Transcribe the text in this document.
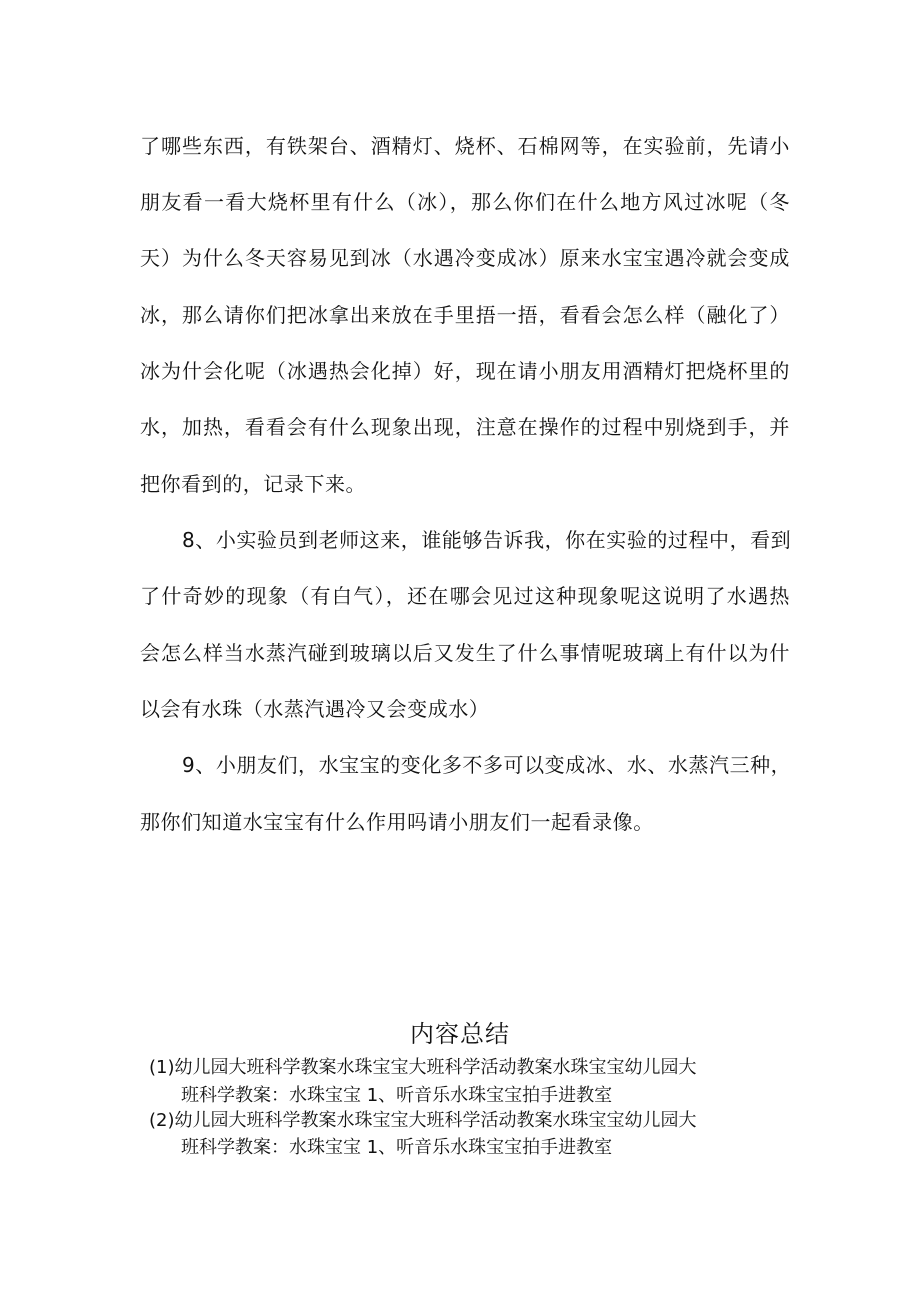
了哪些东西，有铁架台、酒精灯、烧杯、石棉网等，在实验前，先请小
朋友看一看大烧杯里有什么（冰），那么你们在什么地方风过冰呢（冬
天）为什么冬天容易见到冰（水遇冷变成冰）原来水宝宝遇冷就会变成
冰，那么请你们把冰拿出来放在手里捂一捂，看看会怎么样（融化了）
冰为什会化呢（冰遇热会化掉）好，现在请小朋友用酒精灯把烧杯里的
水，加热，看看会有什么现象出现，注意在操作的过程中别烧到手，并
把你看到的，记录下来。
8、小实验员到老师这来，谁能够告诉我，你在实验的过程中，看到
了什奇妙的现象（有白气），还在哪会见过这种现象呢这说明了水遇热
会怎么样当水蒸汽碰到玻璃以后又发生了什么事情呢玻璃上有什以为什
以会有水珠（水蒸汽遇冷又会变成水）
9、小朋友们，水宝宝的变化多不多可以变成冰、水、水蒸汽三种，
那你们知道水宝宝有什么作用吗请小朋友们一起看录像。
内容总结
(1)幼儿园大班科学教案水珠宝宝大班科学活动教案水珠宝宝幼儿园大
班科学教案：水珠宝宝 1、听音乐水珠宝宝拍手进教室
(2)幼儿园大班科学教案水珠宝宝大班科学活动教案水珠宝宝幼儿园大
班科学教案：水珠宝宝 1、听音乐水珠宝宝拍手进教室
